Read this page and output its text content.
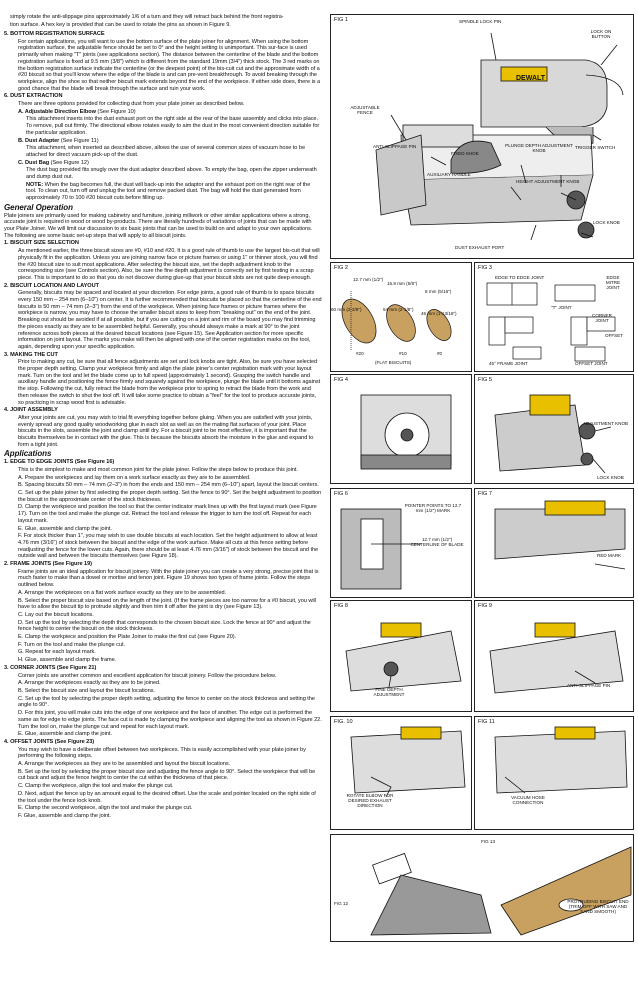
simply rotate the anti-slippage pins approximately 1/6 of a turn and they will retract back behind the front registra-
tion surface. A hex key is provided that can be used to rotate the pins as shown in Figure 9.
5. BOTTOM REGISTRATION SURFACE
For certain applications, you will want to use the bottom surface of the plate joiner for alignment. When using the bottom registration surface, the adjustable fence should be set to 0° and the height setting is unimportant. This sur-face is used primarily when making "T" joints (see applications section). The distance between the centerline of the blade and the bottom registration surface is fixed at 9.5 mm (3/8") which is different from the standard 19mm (3/4") thick stock. The 3 red marks on the bottom registration surface indicate the centerline (or the deepest point) of the bis-cuit cut and the approximate width of a #20 biscuit so that you'll know where the edge of the blade is and can pre-vent breakthrough. To avoid breaking through the workpiece, align the shoe so that neither biscuit mark extends beyond the end of the workpiece. If either side does, there is a good chance that the blade will break through the surface and ruin your work.
6. DUST EXTRACTION
There are three options provided for collecting dust from your plate joiner as described below.
A. Adjustable Direction Elbow (See Figure 10)
This attachment inserts into the dust exhaust port on the right side at the rear of the base assembly and clicks into place. To remove, pull out firmly. The directional elbow rotates easily to aim the dust in the most convenient direction suitable for the particular application.
B. Dust Adapter (See Figure 11)
This attachment, when inserted as described above, allows the use of several common sizes of vacuum hose to be attached for direct vacuum pick-up of the dust.
C. Dust Bag (See Figure 12)
The dust bag provided fits snugly over the dust adaptor described above. To empty the bag, open the zipper underneath and dump dust out.
NOTE: When the bag becomes full, the dust will back-up into the adaptor and the exhaust port on the right rear of the tool. To clean out, turn off and unplug the tool and remove packed dust. The bag will hold the dust generated from approximately 70 to 100 #20 biscuit cuts before filling up.
General Operation
Plate joiners are primarily used for making cabinetry and furniture, joining millwork or other similar applications where a strong, accurate joint is required in wood or wood by-products. There are literally hundreds of variations of joints that can be made with your Plate Joiner. We will limit our discussion to six basic joints that can be used to build on and adapt to your own applications. The following are some basic set-up steps that will apply to all biscuit joints.
1. BISCUIT SIZE SELECTION
As mentioned earlier, the three biscuit sizes are #0, #10 and #20. It is a good rule of thumb to use the largest bis-cuit that will physically fit in the application. Unless you are joining narrow face or picture frames or using 1" or thinner stock, you will find the #20 biscuit size to suit most applications. After selecting the biscuit size, set the depth adjustment knob to the corresponding size (see Controls section). Also, be sure the fine depth adjustment is correctly set by first testing in a scrap piece. This is important to do so that you do not discover during glue-up that your biscuit slots are not quite deep enough.
2. BISCUIT LOCATION AND LAYOUT
Generally, biscuits may be spaced and located at your discretion. For edge joints, a good rule of thumb is to space biscuits every 150 mm – 254 mm (6–10") on center. It is further recommended that biscuits be placed so that the centerline of the end biscuits is 50 mm – 74 mm (2–3") from the end of the workpiece. When joining face frames or picture frames where the workpiece is narrow, you may have to choose the smaller biscuit sizes to keep from "breaking out" on the end of the joint. Breaking out should be avoided if at all possible, but if you are cutting on a joint and rim of the board you may find trimming the pieces exactly as they are to be assembled helpful. Generally, you should always make a mark at 90° to the joint reference across both pieces at the desired biscuit locations (see Figure 15). See Application section for more specific information on joint layout. The marks you make will then be aligned with one of the center registration marks on the tool, again, depending upon your specific application.
3. MAKING THE CUT
Prior to making any cut, be sure that all fence adjustments are set and lock knobs are tight. Also, be sure you have selected the proper depth setting. Clamp your workpiece firmly and align the plate joiner's center registration mark with your layout mark. Turn on the tool and let the blade come up to full speed (approximately 1 second). Grasping the switch handle and auxiliary handle and positioning the fence firmly and squarely against the workpiece, plunge the blade until it bottoms against the stop. Following the cut, fully retract the blade from the workpiece prior to spring to retract the blade from the work and then release the switch to shut the tool off. It will take some practice to obtain a "feel" for the tool to produce accurate joints, so practicing in scrap wood first is advisable.
4. JOINT ASSEMBLY
After your joints are cut, you may wish to trial fit everything together before gluing. When you are satisfied with your joints, evenly spread any good quality woodworking glue in each slot as well as on the mating flat surfaces of your joint. Place biscuits in the slots, assemble the joint and clamp until dry. For a biscuit joint to be most effective, it is important that the biscuits themselves be in contact with the glue. This is because the biscuits absorb the moisture in the glue and expand to form a tight joint.
Applications
1. EDGE TO EDGE JOINTS (See Figure 16)
This is the simplest to make and most common joint for the plate joiner. Follow the steps below to produce this joint.
A. Prepare the workpieces and lay them on a work surface exactly as they are to be assembled.
B. Spacing biscuits 50 mm – 74 mm (2–3") in from the ends and 150 mm – 254 mm (6–10") apart, layout the biscuit centers.
C. Set up the plate joiner by first selecting the proper depth setting. Set the fence to 90°. Set the height adjustment to position the biscuit in the approximate center of the stock thickness.
D. Clamp the workpiece and position the tool so that the center indicator mark lines up with the first layout mark (see Figure 17). Turn on the tool and make the plunge cut. Retract the tool and release the trigger to turn the tool off. Repeat for each layout mark.
E. Glue, assemble and clamp the joint.
F. For stock thicker than 1", you may wish to use double biscuits at each location. Set the height adjustment to allow at least 4.76 mm (3/16") of stock between the biscuit and the edge of the work surface. Make all cuts at this fence setting before readjusting the fence for the lower cuts. Again, there should be at least 4.76 mm (3/16") of stock between the biscuit and the outside wall and between the biscuits themselves (see Figure 18).
2. FRAME JOINTS (See Figure 19)
Frame joints are an ideal application for biscuit joinery. With the plate joiner you can create a very strong, precise joint that is much faster to make than a dowel or mortise and tenon joint. Figure 19 shows two types of frame joints. Follow the steps outlined below.
A. Arrange the workpieces on a flat work surface exactly as they are to be assembled.
B. Select the proper biscuit size based on the length of the joint. (If the frame pieces are too narrow for a #0 biscuit, you will have to allow the biscuit tip to protrude slightly and then trim it off after the joint is dry (see Figure 13).
C. Lay out the biscuit locations.
D. Set up the tool by selecting the depth that corresponds to the chosen biscuit size. Lock the fence at 90° and adjust the fence height to center the biscuit on the stock thickness.
E. Clamp the workpiece and position the Plate Joiner to make the first cut (see Figure 20).
F. Turn on the tool and make the plunge cut.
G. Repeat for each layout mark.
H. Glue, assemble and clamp the frame.
3. CORNER JOINTS (See Figure 21)
Corner joints are another common and excellent application for biscuit joinery. Follow the procedure below.
A. Arrange the workpieces exactly as they are to be joined.
B. Select the biscuit size and layout the biscuit locations.
C. Set up the tool by selecting the proper depth setting, adjusting the fence to center on the stock thickness and setting the angle to 90°.
D. For this joint, you will make cuts into the edge of one workpiece and the face of another. The edge cut is performed the same as for edge to edge joints. The face cut is made by clamping the workpiece and aligning the tool as shown in Figure 22. Turn the tool on, make the plunge cut and repeat for each layout mark.
E. Glue, assemble and clamp the joint.
4. OFFSET JOINTS (See Figure 23)
You may wish to have a deliberate offset between two workpieces. This is easily accomplished with your plate joiner by performing the following steps.
A. Arrange the workpieces as they are to be assembled and layout the biscuit locations.
B. Set up the tool by selecting the proper biscuit size and adjusting the fence angle to 90°. Select the workpiece that will be cut back and adjust the fence height to center the cut within the thickness of that piece.
C. Clamp the workpiece, align the tool and make the plunge cut.
D. Next, adjust the fence up by an amount equal to the desired offset. Use the scale and pointer located on the right side of the tool under the fence lock knob.
E. Clamp the second workpiece, align the tool and make the plunge cut.
F. Glue, assemble and clamp the joint.
FIG 1
DEWALT
SPINDLE LOCK PIN
LOCK ON BUTTON
ADJUSTABLE FENCE
TRIGGER SWITCH
ANTI-SLIPPAGE PIN
FIXED SHOE
PLUNGE DEPTH ADJUSTMENT KNOB
AUXILIARY HANDLE
HEIGHT ADJUSTMENT KNOB
LOCK KNOB
DUST EXHAUST PORT
FIG 2
12.7 mm (1/2")
60 mm (2-3/8")
15.9 mm (5/8")
54 mm (2-1/8")
8 mm (5/16")
46 mm (1-13/16")
#20	#10	#0
(FLAT BISCUITS)
FIG 3
EDGE TO EDGE JOINT	EDGE MITRE JOINT
"T" JOINT
CORNER JOINT
OFFSET
45° FRAME JOINT	OFFSET JOINT
FIG 4	FIG 5
ADJUSTMENT KNOB
LOCK KNOB
FIG 6
POINTER POINTS TO 12.7 mm (1/2") MARK
12.7 mm (1/2") CENTERLINE OF BLADE
FIG 7
RED MARK
FIG 8
FINE DEPTH ADJUSTMENT
FIG 9
ANTI-SLIPPAGE PIN
FIG. 10
ROTATE ELBOW FOR DESIRED EXHAUST DIRECTION
FIG 11
VACUUM HOSE CONNECTION
FIG 12
FIG 13
PROTRUDING BISCUIT END (TRIM OFF WITH SAW AND SAND SMOOTH)
